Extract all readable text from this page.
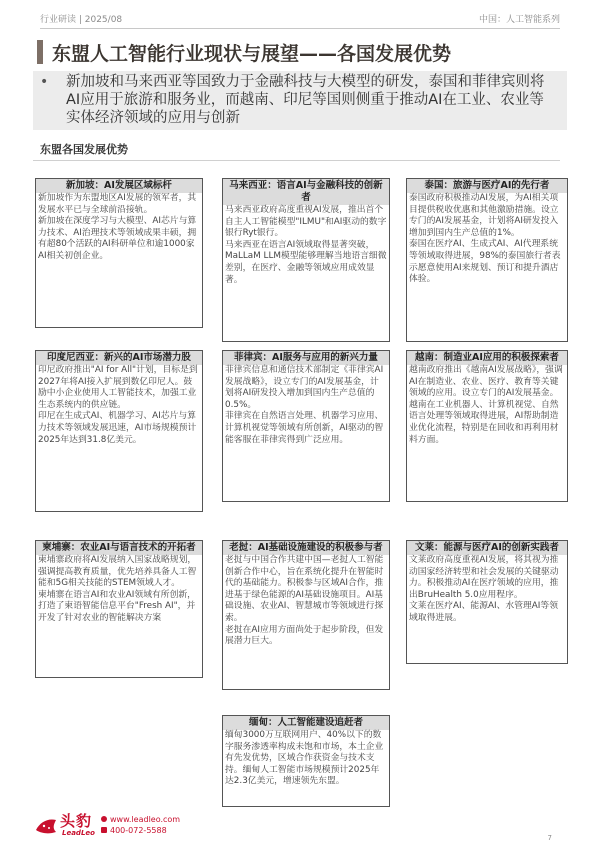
行业研读 | 2025/08	中国：人工智能系列
东盟人工智能行业现状与展望——各国发展优势
• 新加坡和马来西亚等国致力于金融科技与大模型的研发，泰国和菲律宾则将AI应用于旅游和服务业，而越南、印尼等国则侧重于推动AI在工业、农业等实体经济领域的应用与创新
东盟各国发展优势
新加坡：AI发展区域标杆

新加坡作为东盟地区AI发展的领军者，其发展水平已与全球前沿接轨。

新加坡在深度学习与大模型、AI芯片与算力技术、AI治理技术等领域成果丰硕，拥有超80个活跃的AI科研单位和逾1000家AI相关初创企业。

马来西亚：语言AI与金融科技的创新者

马来西亚政府高度重视AI发展，推出首个自主人工智能模型"ILMU"和AI驱动的数字银行Ryt银行。

马来西亚在语言AI领域取得显著突破，MaLLaM LLM模型能够理解当地语言细微差别，在医疗、金融等领域应用成效显著。

泰国：旅游与医疗AI的先行者

泰国政府积极推动AI发展，为AI相关项目提供税收优惠和其他激励措施。设立专门的AI发展基金，计划将AI研发投入增加到国内生产总值的1%。

泰国在医疗AI、生成式AI、AI代理系统等领域取得进展，98%的泰国旅行者表示愿意使用AI来规划、预订和提升酒店体验。

印度尼西亚：新兴的AI市场潜力股

印尼政府推出"AI for All"计划，目标是到2027年将AI接入扩展到数亿印尼人。鼓励中小企业使用人工智能技术，加强工业生态系统内的供应链。

印尼在生成式AI、机器学习、AI芯片与算力技术等领域发展迅速，AI市场规模预计2025年达到31.8亿美元。

菲律宾：AI服务与应用的新兴力量

菲律宾信息和通信技术部制定《菲律宾AI发展战略》，设立专门的AI发展基金，计划将AI研发投入增加到国内生产总值的0.5%。

菲律宾在自然语言处理、机器学习应用、计算机视觉等领域有所创新，AI驱动的智能客服在菲律宾得到广泛应用。

越南：制造业AI应用的积极探索者

越南政府推出《越南AI发展战略》，强调AI在制造业、农业、医疗、教育等关键领域的应用。设立专门的AI发展基金。

越南在工业机器人、计算机视觉、自然语言处理等领域取得进展，AI帮助制造业优化流程，特别是在回收和再利用材料方面。

柬埔寨：农业AI与语言技术的开拓者

柬埔寨政府将AI发展纳入国家战略规划，强调提高教育质量，优先培养具备人工智能和5G相关技能的STEM领域人才。

柬埔寨在语言AI和农业AI领域有所创新，打造了柬语智能信息平台"Fresh AI"，并开发了针对农业的智能解决方案

老挝：AI基础设施建设的积极参与者

老挝与中国合作共建中国—老挝人工智能创新合作中心，旨在系统化提升在智能时代的基础能力。积极参与区域AI合作，推进基于绿色能源的AI基础设施项目。AI基础设施、农业AI、智慧城市等领域进行探索。

老挝在AI应用方面尚处于起步阶段，但发展潜力巨大。

文莱：能源与医疗AI的创新实践者

文莱政府高度重视AI发展，将其视为推动国家经济转型和社会发展的关键驱动力。积极推动AI在医疗领域的应用，推出BruHealth 5.0应用程序。

文莱在医疗AI、能源AI、水管理AI等领域取得进展。

缅甸：人工智能建设追赶者

缅甸3000万互联网用户、40%以下的数字服务渗透率构成未饱和市场，本土企业有先发优势，区域合作获资金与技术支持。缅甸人工智能市场规模预计2025年达2.3亿美元，增速领先东盟。

头豹
LeadLeo
www.leadleo.com
400-072-5588
7
